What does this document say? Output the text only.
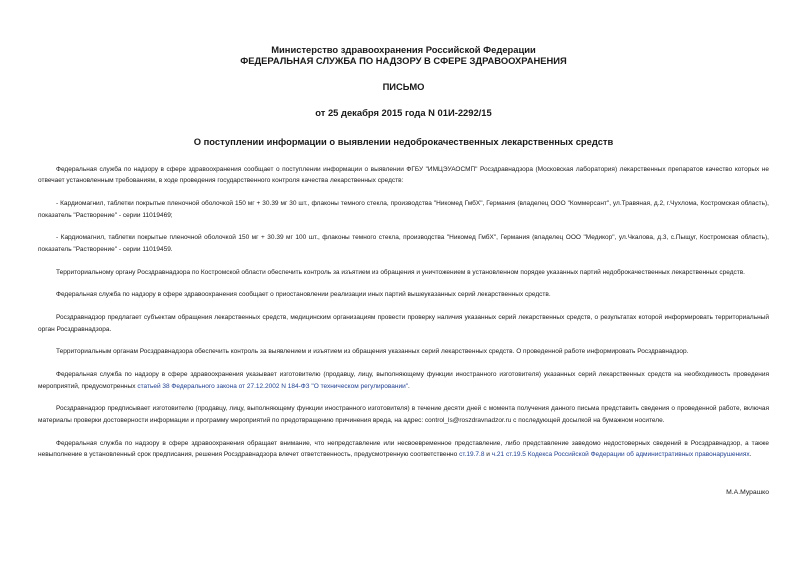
Министерство здравоохранения Российской Федерации
ФЕДЕРАЛЬНАЯ СЛУЖБА ПО НАДЗОРУ В СФЕРЕ ЗДРАВООХРАНЕНИЯ
ПИСЬМО
от 25 декабря 2015 года N 01И-2292/15
О поступлении информации о выявлении недоброкачественных лекарственных средств

Федеральная служба по надзору в сфере здравоохранения сообщает о поступлении информации о выявлении ФГБУ "ИМЦЭУАОСМП" Росздравнадзора (Московская лаборатория) лекарственных препаратов качество которых не отвечает установленным требованиям, в ходе проведения государственного контроля качества лекарственных средств:

- Кардиомагнил, таблетки покрытые пленочной оболочкой 150 мг + 30.39 мг 30 шт., флаконы темного стекла, производства "Никомед ГмбХ", Германия (владелец ООО "Коммерсант", ул.Травяная, д.2, г.Чухлома, Костромская область), показатель "Растворение" - серии 11019469;

- Кардиомагнил, таблетки покрытые пленочной оболочкой 150 мг + 30.39 мг 100 шт., флаконы темного стекла, производства "Никомед ГмбХ", Германия (владелец ООО "Медикор", ул.Чкалова, д.3, с.Пыщуг, Костромская область), показатель "Растворение" - серии 11019459.

Территориальному органу Росздравнадзора по Костромской области обеспечить контроль за изъятием из обращения и уничтожением в установленном порядке указанных партий недоброкачественных лекарственных средств.

Федеральная служба по надзору в сфере здравоохранения сообщает о приостановлении реализации иных партий вышеуказанных серий лекарственных средств.

Росздравнадзор предлагает субъектам обращения лекарственных средств, медицинским организациям провести проверку наличия указанных серий лекарственных средств, о результатах которой информировать территориальный орган Росздравнадзора.

Территориальным органам Росздравнадзора обеспечить контроль за выявлением и изъятием из обращения указанных серий лекарственных средств. О проведенной работе информировать Росздравнадзор.

Федеральная служба по надзору в сфере здравоохранения указывает изготовителю (продавцу, лицу, выполняющему функции иностранного изготовителя) указанных серий лекарственных средств на необходимость проведения мероприятий, предусмотренных статьей 38 Федерального закона от 27.12.2002 N 184-ФЗ "О техническом регулировании".

Росздравнадзор предписывает изготовителю (продавцу, лицу, выполняющему функции иностранного изготовителя) в течение десяти дней с момента получения данного письма представить сведения о проведенной работе, включая материалы проверки достоверности информации и программу мероприятий по предотвращению причинения вреда, на адрес: control_ls@roszdravnadzor.ru с последующей досылкой на бумажном носителе.

Федеральная служба по надзору в сфере здравоохранения обращает внимание, что непредставление или несвоевременное представление, либо представление заведомо недостоверных сведений в Росздравнадзор, а также невыполнение в установленный срок предписания, решения Росздравнадзора влечет ответственность, предусмотренную соответственно ст.19.7.8 и ч.21 ст.19.5 Кодекса Российской Федерации об административных правонарушениях.

М.А.Мурашко
